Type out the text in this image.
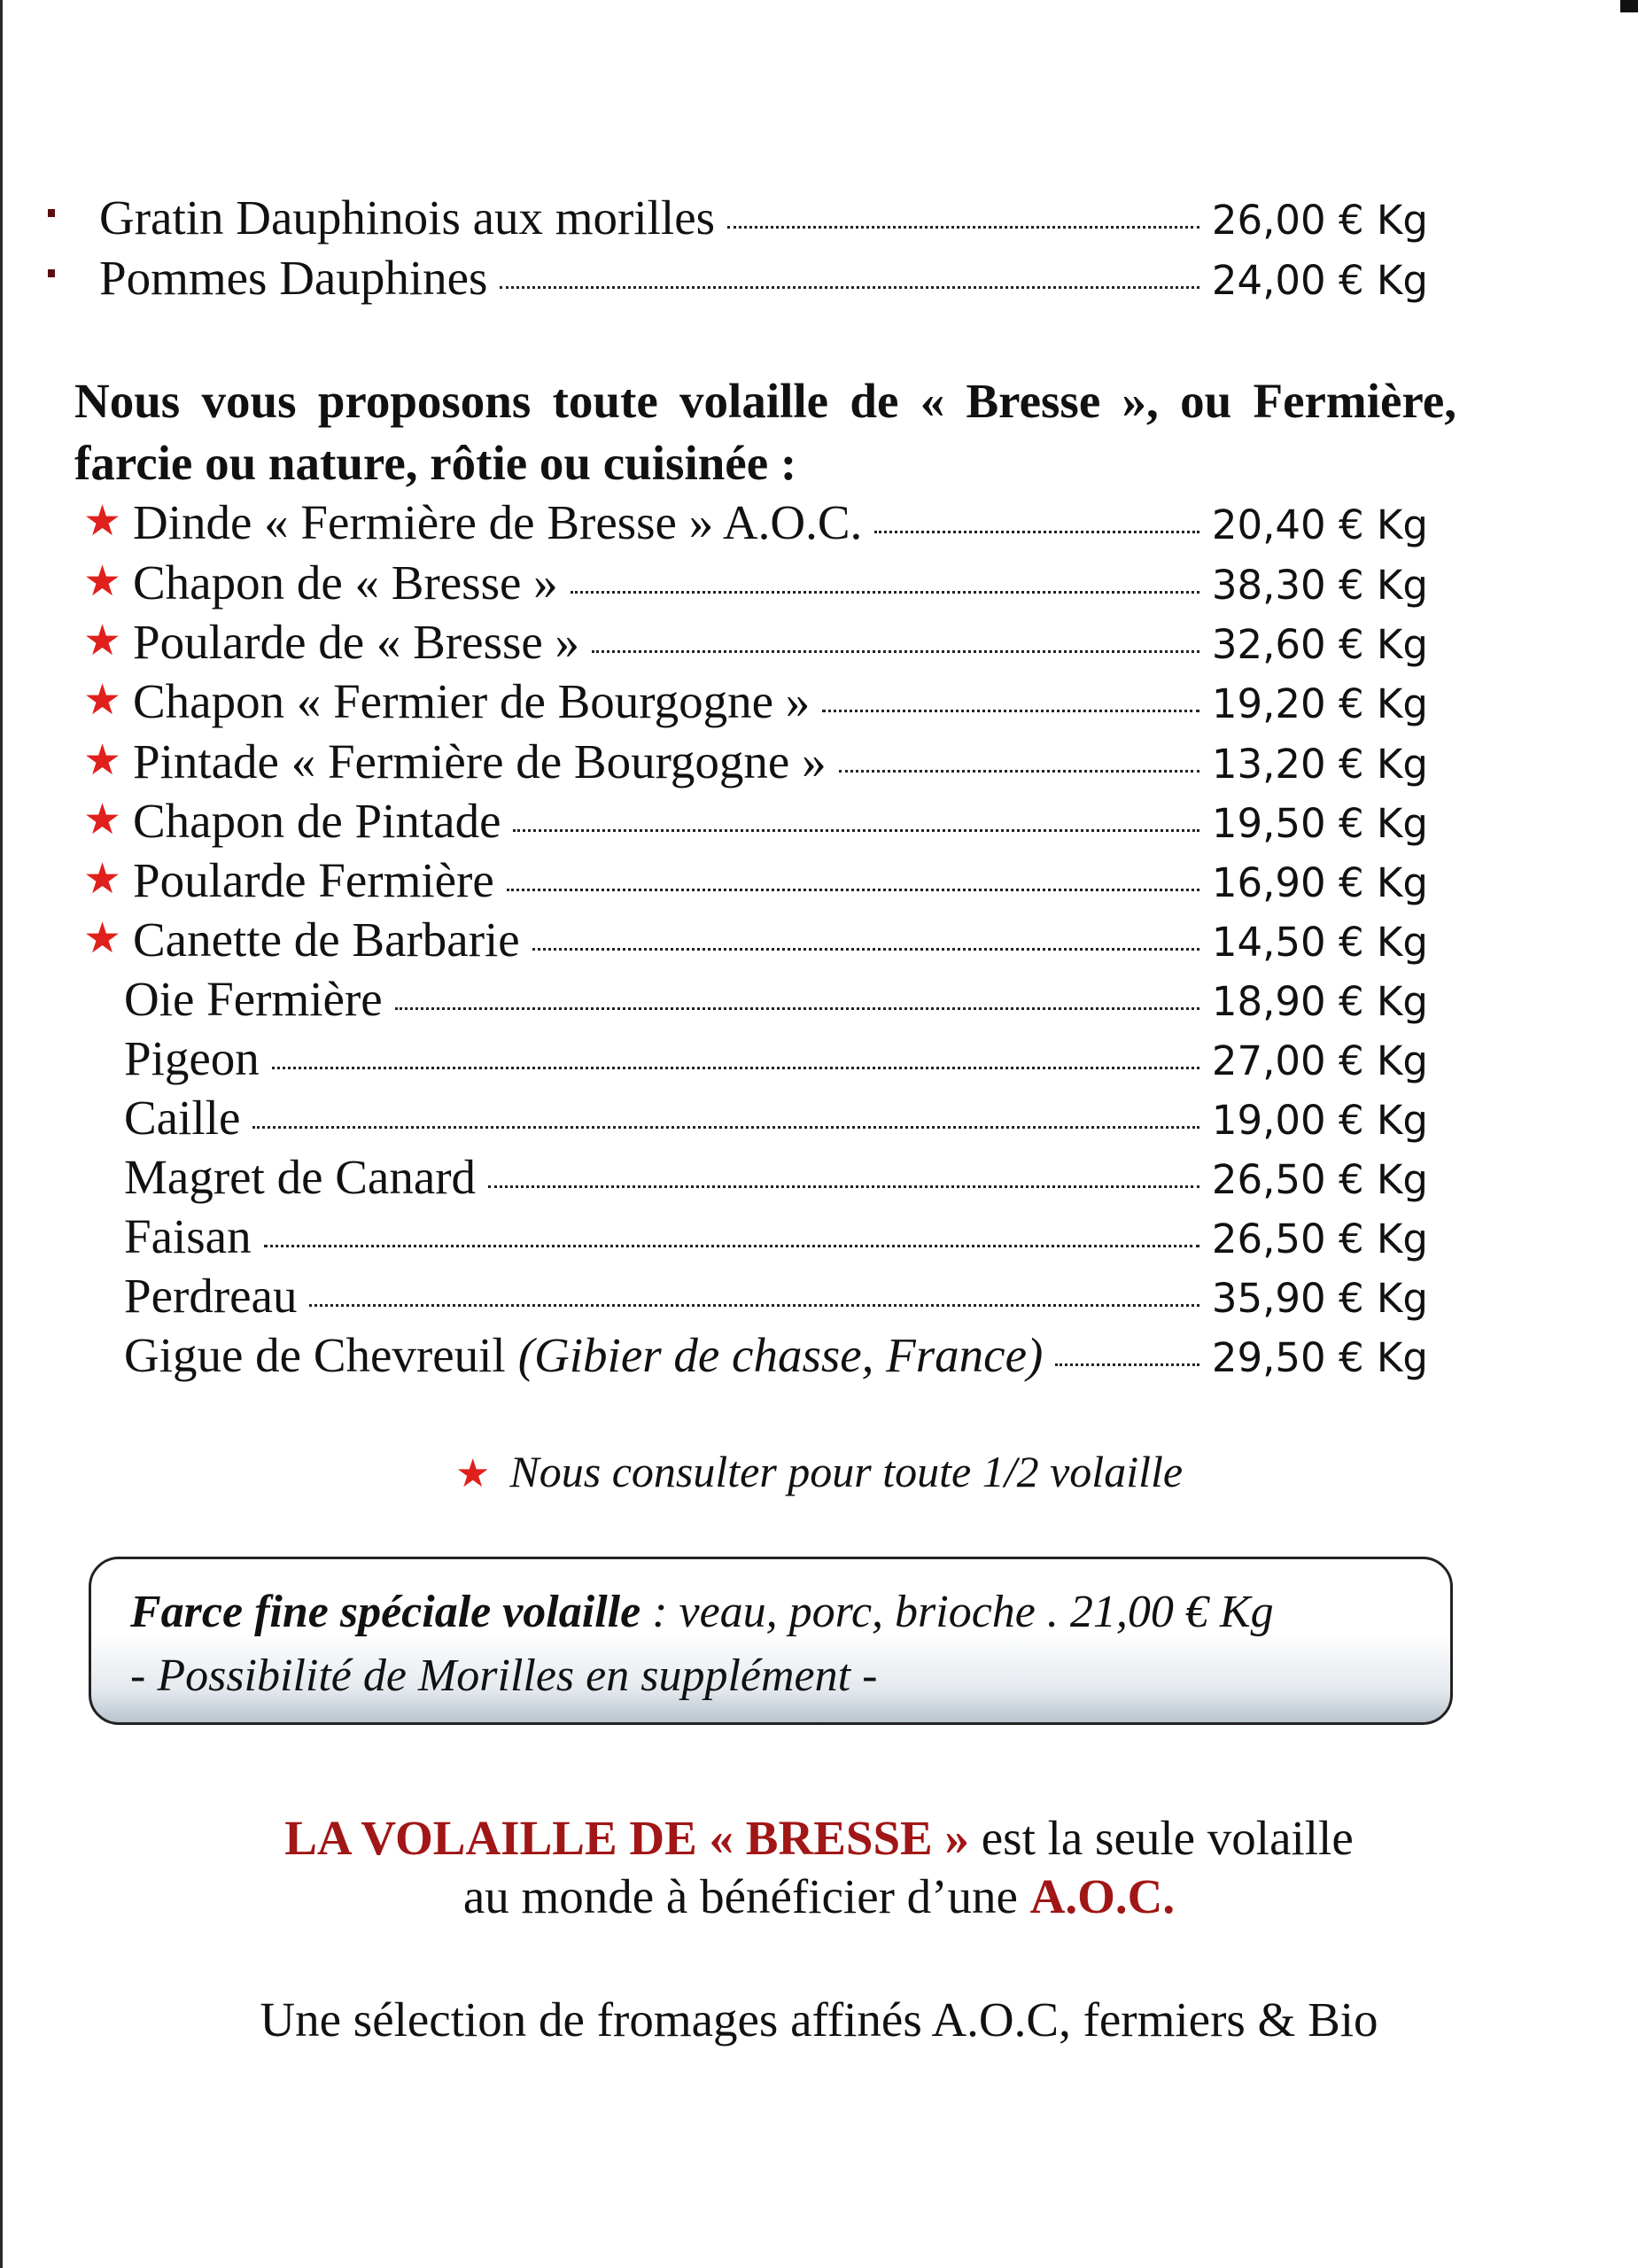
Gratin Dauphinois aux morilles	26,00 € Kg
Pommes Dauphines	24,00 € Kg
Nous vous proposons toute volaille de « Bresse », ou Fermière, farcie ou nature, rôtie ou cuisinée :
★ Dinde « Fermière de Bresse » A.O.C.	20,40 € Kg
★ Chapon de « Bresse »	38,30 € Kg
★ Poularde de « Bresse »	32,60 € Kg
★ Chapon « Fermier de Bourgogne »	19,20 € Kg
★ Pintade « Fermière de Bourgogne »	13,20 € Kg
★ Chapon de Pintade	19,50 € Kg
★ Poularde Fermière	16,90 € Kg
★ Canette de Barbarie	14,50 € Kg
Oie Fermière	18,90 € Kg
Pigeon	27,00 € Kg
Caille	19,00 € Kg
Magret de Canard	26,50 € Kg
Faisan	26,50 € Kg
Perdreau	35,90 € Kg
Gigue de Chevreuil (Gibier de chasse, France)	29,50 € Kg
★ Nous consulter pour toute 1/2 volaille
Farce fine spéciale volaille : veau, porc, brioche . 21,00 € Kg
- Possibilité de Morilles en supplément -
LA VOLAILLE DE « BRESSE » est la seule volaille
au monde à bénéficier d’une A.O.C.
Une sélection de fromages affinés A.O.C, fermiers & Bio
